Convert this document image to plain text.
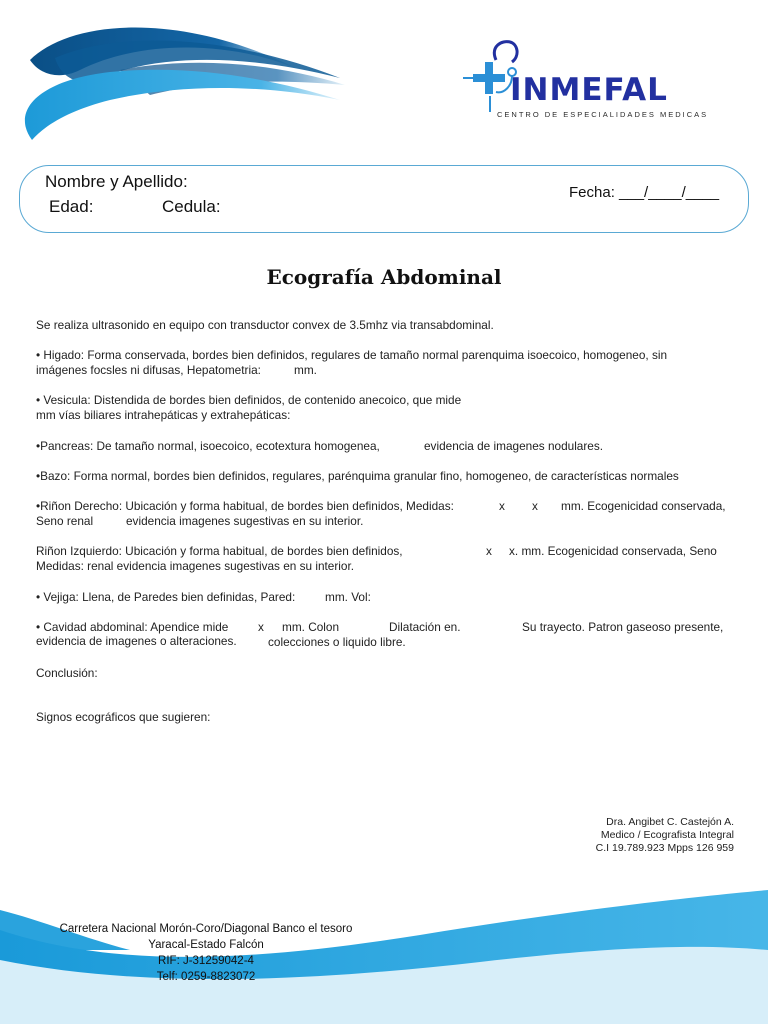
INMEFAL
CENTRO DE ESPECIALIDADES MEDICAS
Nombre y Apellido:
Edad:	Cedula:
Fecha: ___/____/____
Ecografía Abdominal

Se realiza ultrasonido en equipo con transductor convex de 3.5mhz via transabdominal.

• Higado: Forma conservada, bordes bien definidos, regulares de tamaño normal parenquima isoecoico, homogeneo, sin

imágenes focsles ni difusas, Hepatometria:	mm.
• Vesicula: Distendida de bordes bien definidos, de contenido anecoico, que mide
mm vías biliares intrahepáticas y extrahepáticas:
•Pancreas: De tamaño normal, isoecoico, ecotextura homogenea,	evidencia de imagenes nodulares.
•Bazo: Forma normal, bordes bien definidos, regulares, parénquima granular fino, homogeneo, de características normales
•Riñon Derecho: Ubicación y forma habitual, de bordes bien definidos, Medidas:	x x mm. Ecogenicidad conservada,
Seno renal	evidencia imagenes sugestivas en su interior.
Riñon Izquierdo: Ubicación y forma habitual, de bordes bien definidos,	x x. mm. Ecogenicidad conservada, Seno
Medidas: renal evidencia imagenes sugestivas en su interior.
• Vejiga: Llena, de Paredes bien definidas, Pared:	mm. Vol:
• Cavidad abdominal: Apendice mide	x mm. Colon	Dilatación en.	Su trayecto. Patron gaseoso presente,
evidencia de imagenes o alteraciones.	colecciones o liquido libre.
Conclusión:
Signos ecográficos que sugieren:
Dra. Angibet C. Castejón A.
Medico / Ecografista Integral
C.I 19.789.923 Mpps 126 959
Carretera Nacional Morón-Coro/Diagonal Banco el tesoro
Yaracal-Estado Falcón
RIF: J-31259042-4
Telf: 0259-8823072
